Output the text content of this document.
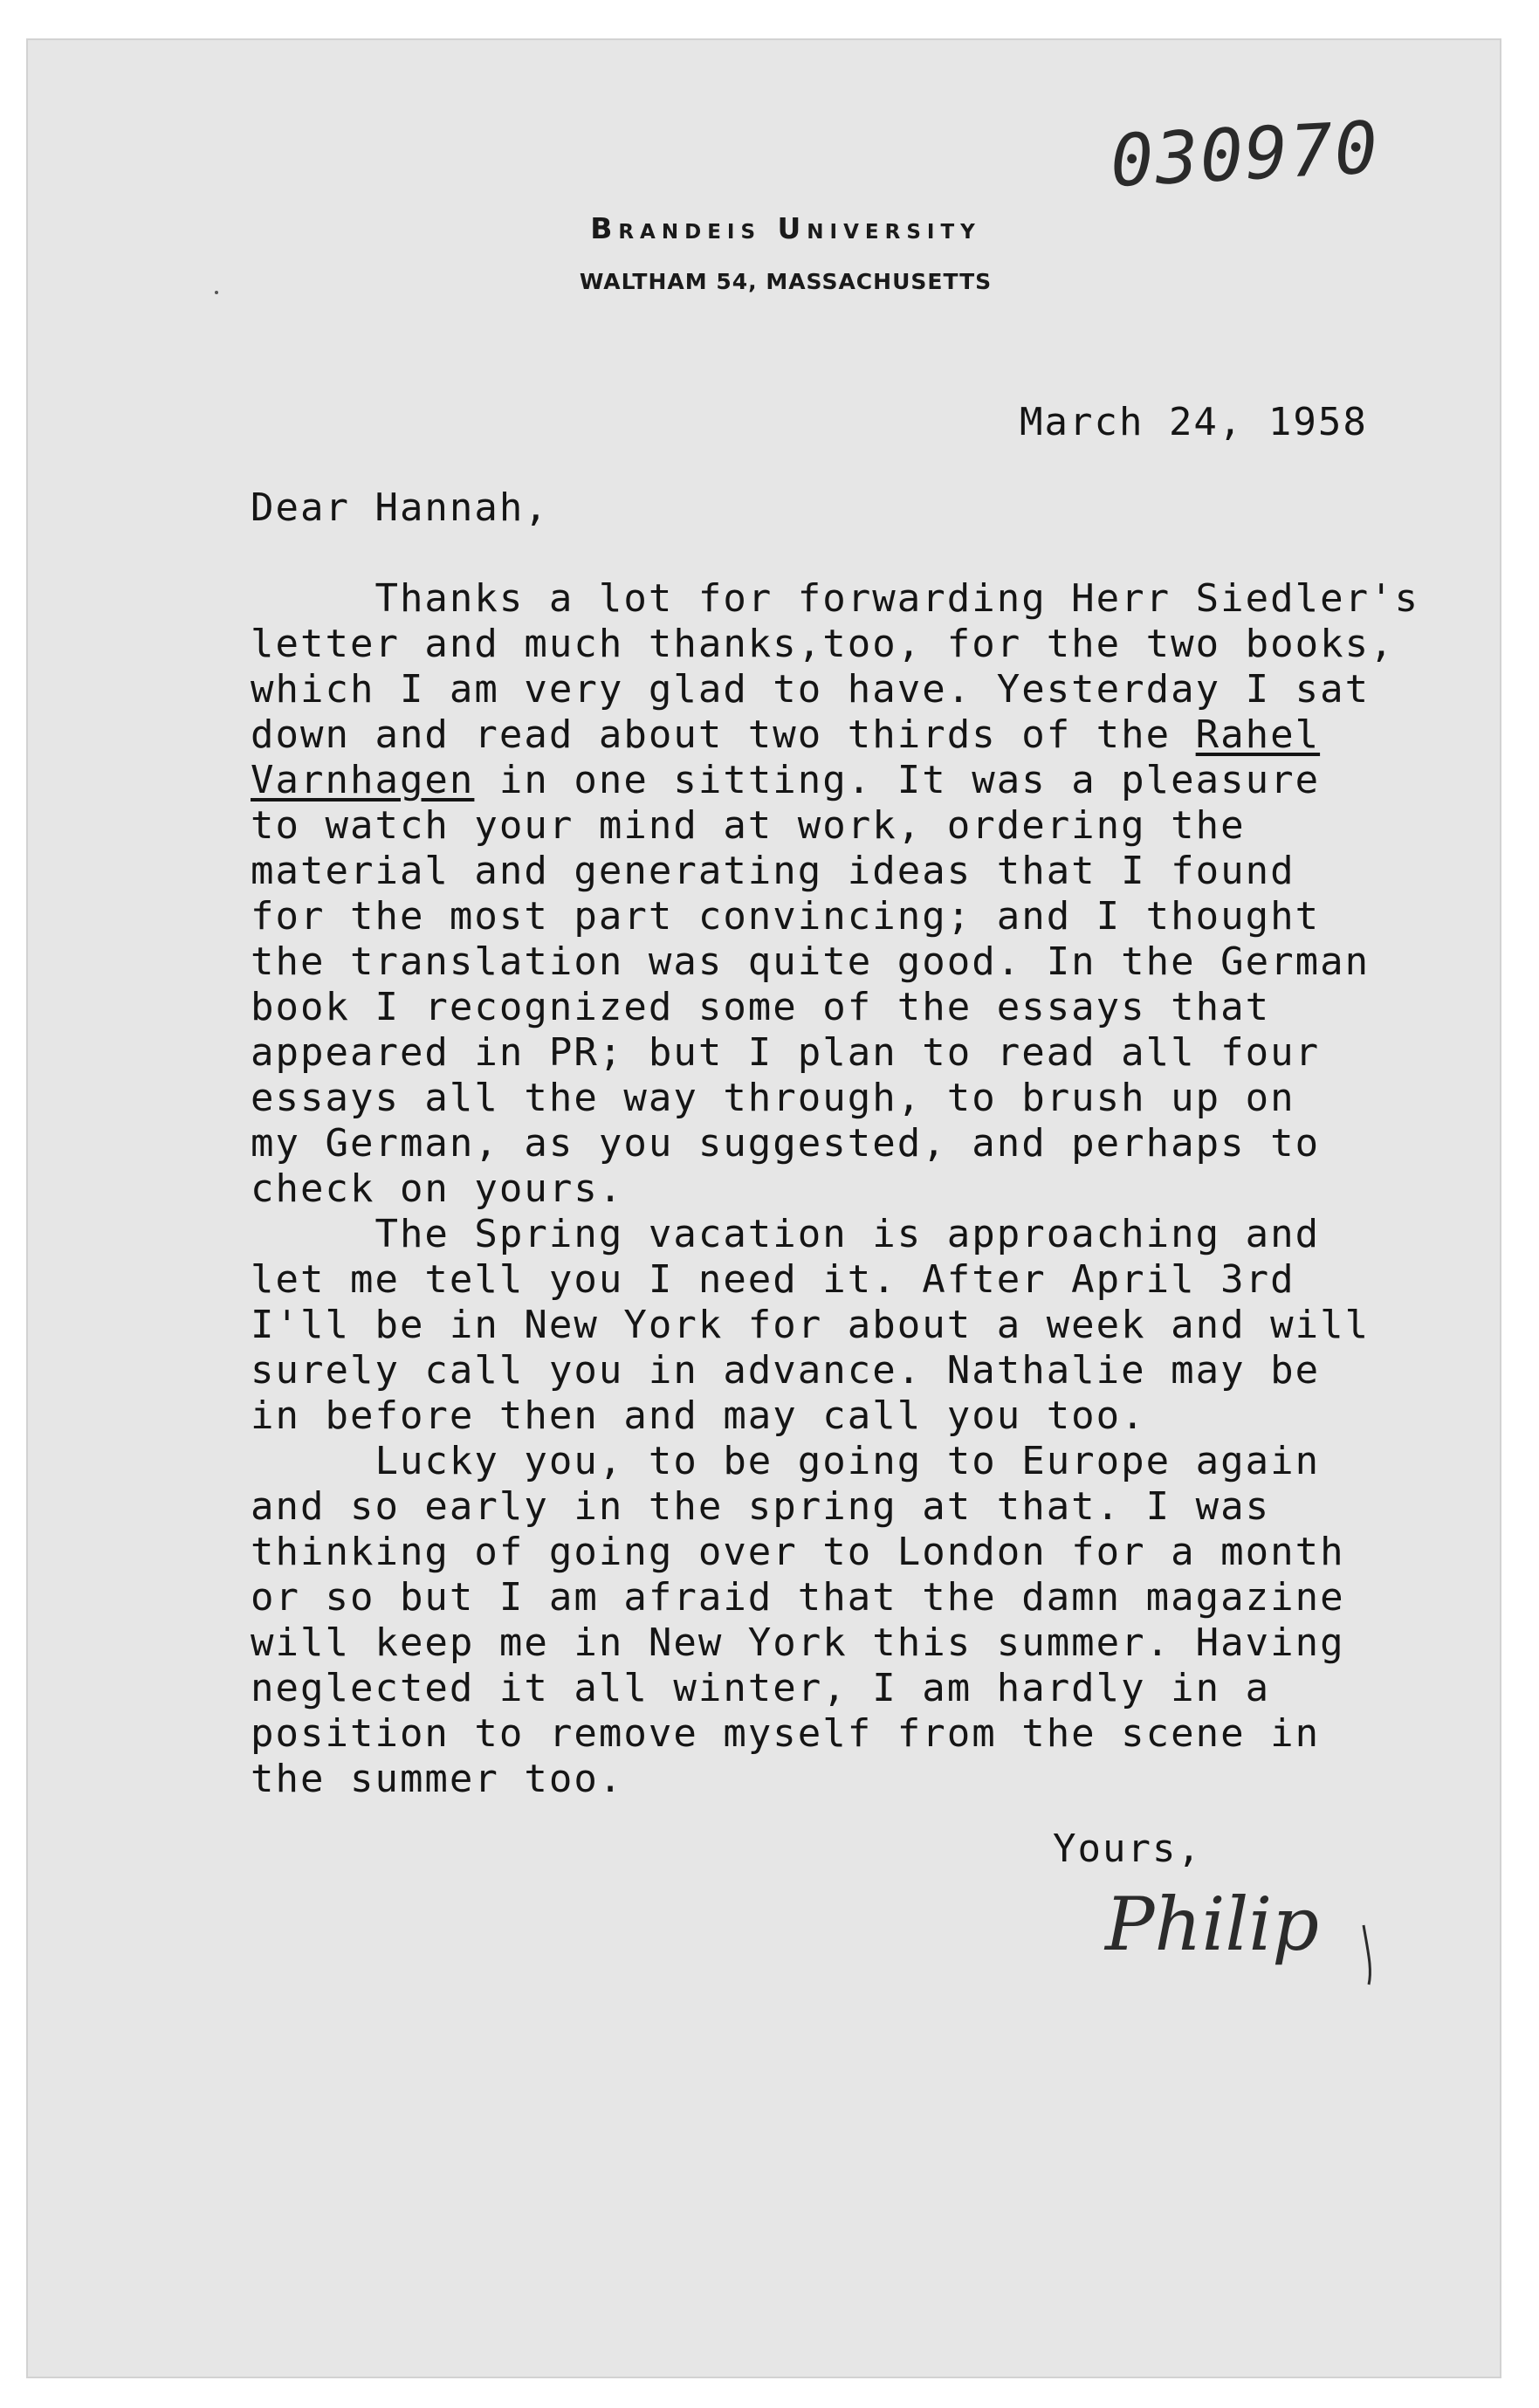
030970
Brandeis University
WALTHAM 54, MASSACHUSETTS
March 24, 1958
Dear Hannah,
Thanks a lot for forwarding Herr Siedler's
letter and much thanks,too, for the two books,
which I am very glad to have. Yesterday I sat
down and read about two thirds of the Rahel
Varnhagen in one sitting. It was a pleasure
to watch your mind at work, ordering the
material and generating ideas that I found
for the most part convincing; and I thought
the translation was quite good. In the German
book I recognized some of the essays that
appeared in PR; but I plan to read all four
essays all the way through, to brush up on
my German, as you suggested, and perhaps to
check on yours.
The Spring vacation is approaching and
let me tell you I need it. After April 3rd
I'll be in New York for about a week and will
surely call you in advance. Nathalie may be
in before then and may call you too.
Lucky you, to be going to Europe again
and so early in the spring at that. I was
thinking of going over to London for a month
or so but I am afraid that the damn magazine
will keep me in New York this summer. Having
neglected it all winter, I am hardly in a
position to remove myself from the scene in
the summer too.
Yours,
Philip
